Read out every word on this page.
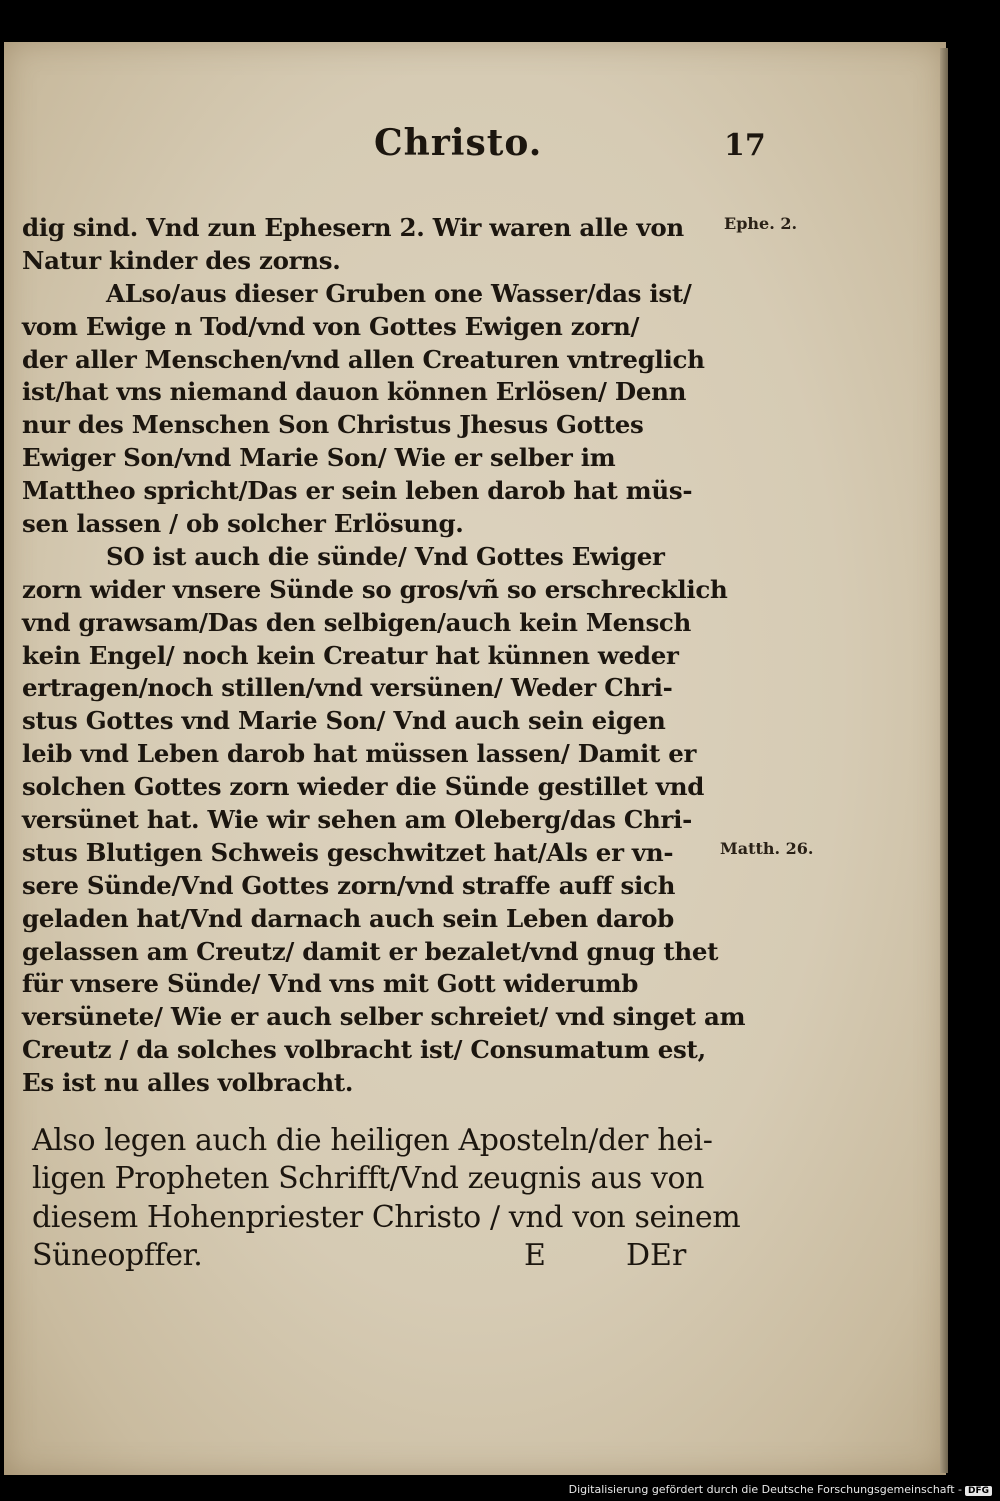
Christo.	17
dig sind. Vnd zun Ephesern 2. Wir waren alle von
Natur kinder des zorns.
ALso/aus dieser Gruben one Wasser/das ist/
vom Ewige n Tod/vnd von Gottes Ewigen zorn/
der aller Menschen/vnd allen Creaturen vntreglich
ist/hat vns niemand dauon können Erlösen/ Denn
nur des Menschen Son Christus Jhesus Gottes
Ewiger Son/vnd Marie Son/ Wie er selber im
Mattheo spricht/Das er sein leben darob hat müs-
sen lassen / ob solcher Erlösung.
SO ist auch die sünde/ Vnd Gottes Ewiger
zorn wider vnsere Sünde so gros/vñ so erschrecklich
vnd grawsam/Das den selbigen/auch kein Mensch
kein Engel/ noch kein Creatur hat künnen weder
ertragen/noch stillen/vnd versünen/ Weder Chri-
stus Gottes vnd Marie Son/ Vnd auch sein eigen
leib vnd Leben darob hat müssen lassen/ Damit er
solchen Gottes zorn wieder die Sünde gestillet vnd
versünet hat. Wie wir sehen am Oleberg/das Chri-
stus Blutigen Schweis geschwitzet hat/Als er vn-
sere Sünde/Vnd Gottes zorn/vnd straffe auff sich
geladen hat/Vnd darnach auch sein Leben darob
gelassen am Creutz/ damit er bezalet/vnd gnug thet
für vnsere Sünde/ Vnd vns mit Gott widerumb
versünete/ Wie er auch selber schreiet/ vnd singet am
Creutz / da solches volbracht ist/ Consumatum est,
Es ist nu alles volbracht.
Also legen auch die heiligen Aposteln/der hei-
ligen Propheten Schrifft/Vnd zeugnis aus von
diesem Hohenpriester Christo / vnd von seinem
Süneopffer.	E	DEr
Ephe. 2.
Matth. 26.
Digitalisierung gefördert durch die Deutsche Forschungsgemeinschaft - DFG
